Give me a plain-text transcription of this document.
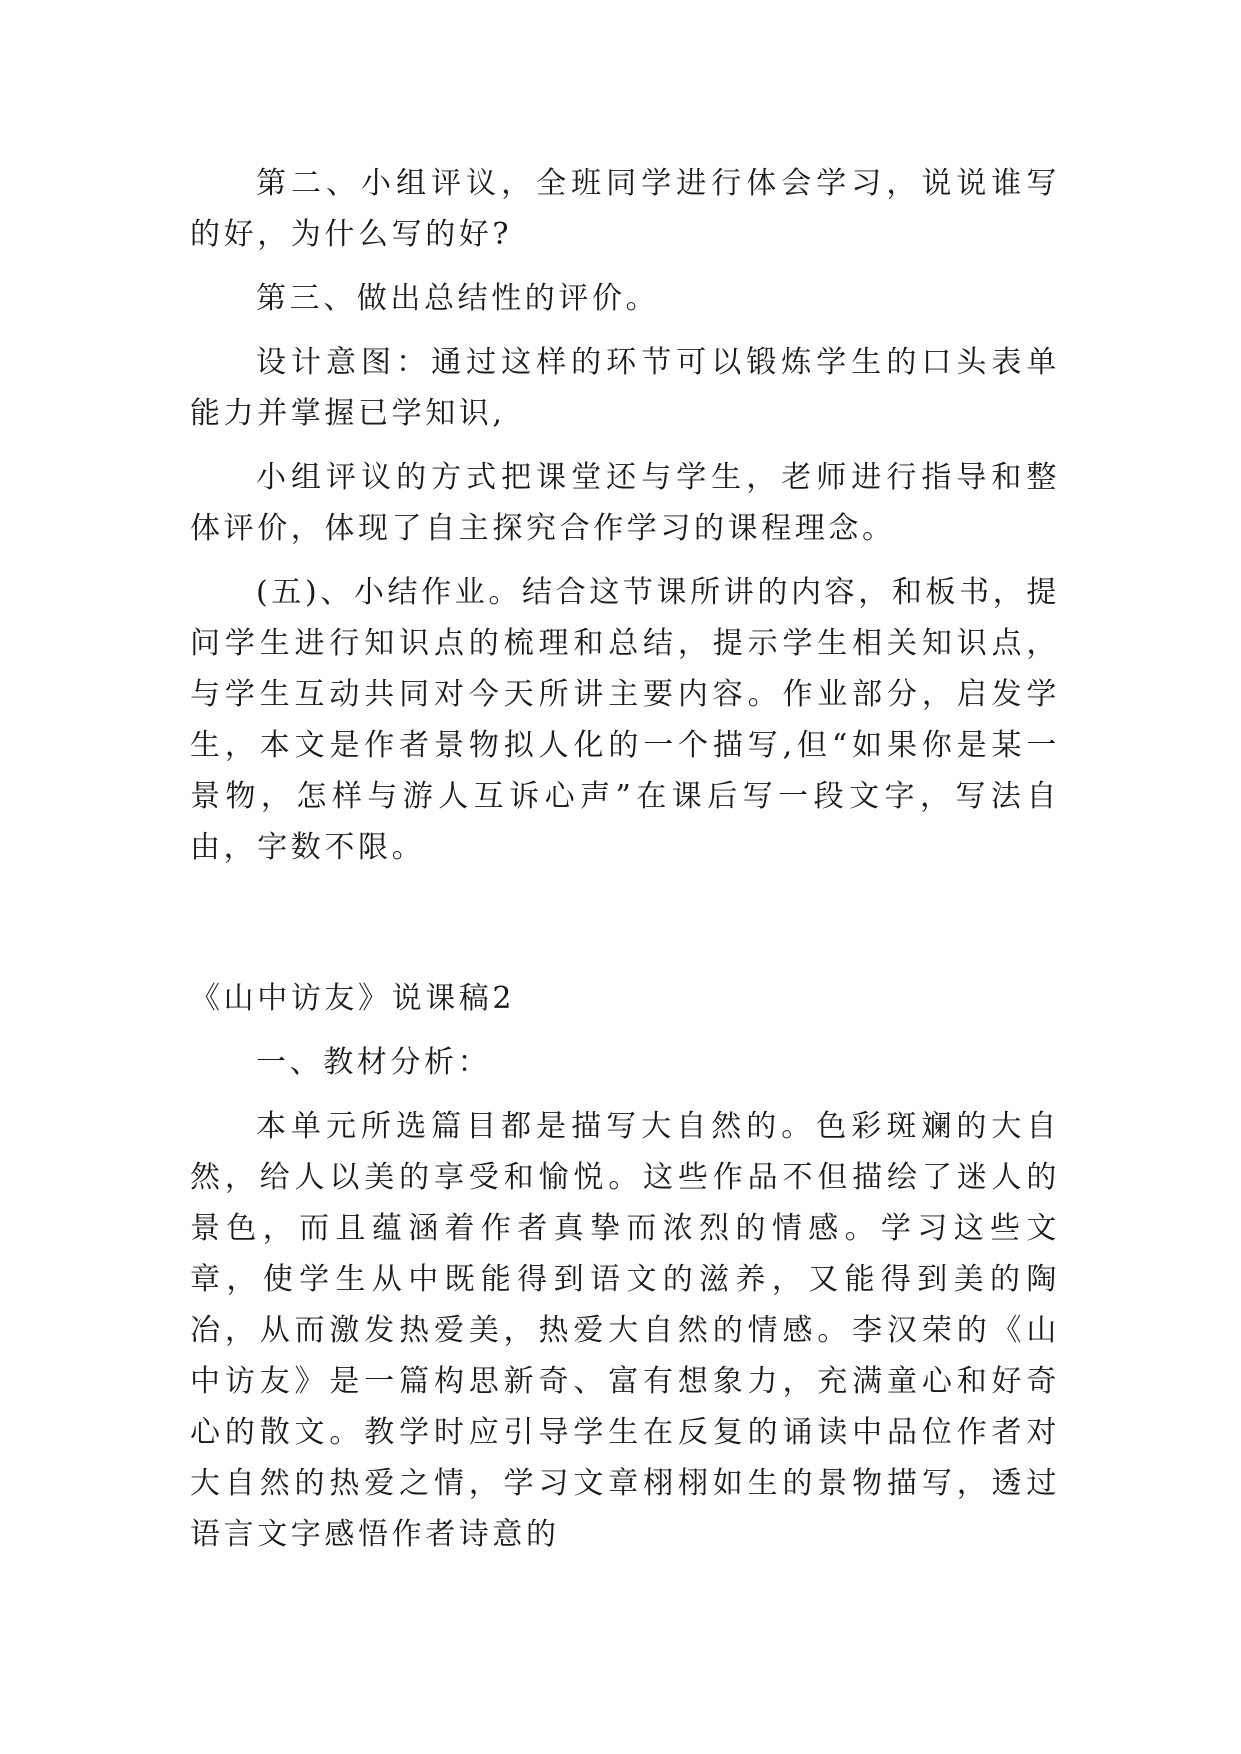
第二、小组评议，全班同学进行体会学习，说说谁写的好，为什么写的好?

第三、做出总结性的评价。

设计意图：通过这样的环节可以锻炼学生的口头表单能力并掌握已学知识,

小组评议的方式把课堂还与学生，老师进行指导和整体评价，体现了自主探究合作学习的课程理念。

(五)、小结作业。结合这节课所讲的内容，和板书，提问学生进行知识点的梳理和总结，提示学生相关知识点，与学生互动共同对今天所讲主要内容。作业部分，启发学生，本文是作者景物拟人化的一个描写,但“如果你是某一景物，怎样与游人互诉心声”在课后写一段文字，写法自由，字数不限。

《山中访友》说课稿2

一、教材分析：

本单元所选篇目都是描写大自然的。色彩斑斓的大自然，给人以美的享受和愉悦。这些作品不但描绘了迷人的景色，而且蕴涵着作者真挚而浓烈的情感。学习这些文章，使学生从中既能得到语文的滋养，又能得到美的陶冶，从而激发热爱美，热爱大自然的情感。李汉荣的《山中访友》是一篇构思新奇、富有想象力，充满童心和好奇心的散文。教学时应引导学生在反复的诵读中品位作者对大自然的热爱之情，学习文章栩栩如生的景物描写，透过语言文字感悟作者诗意的
